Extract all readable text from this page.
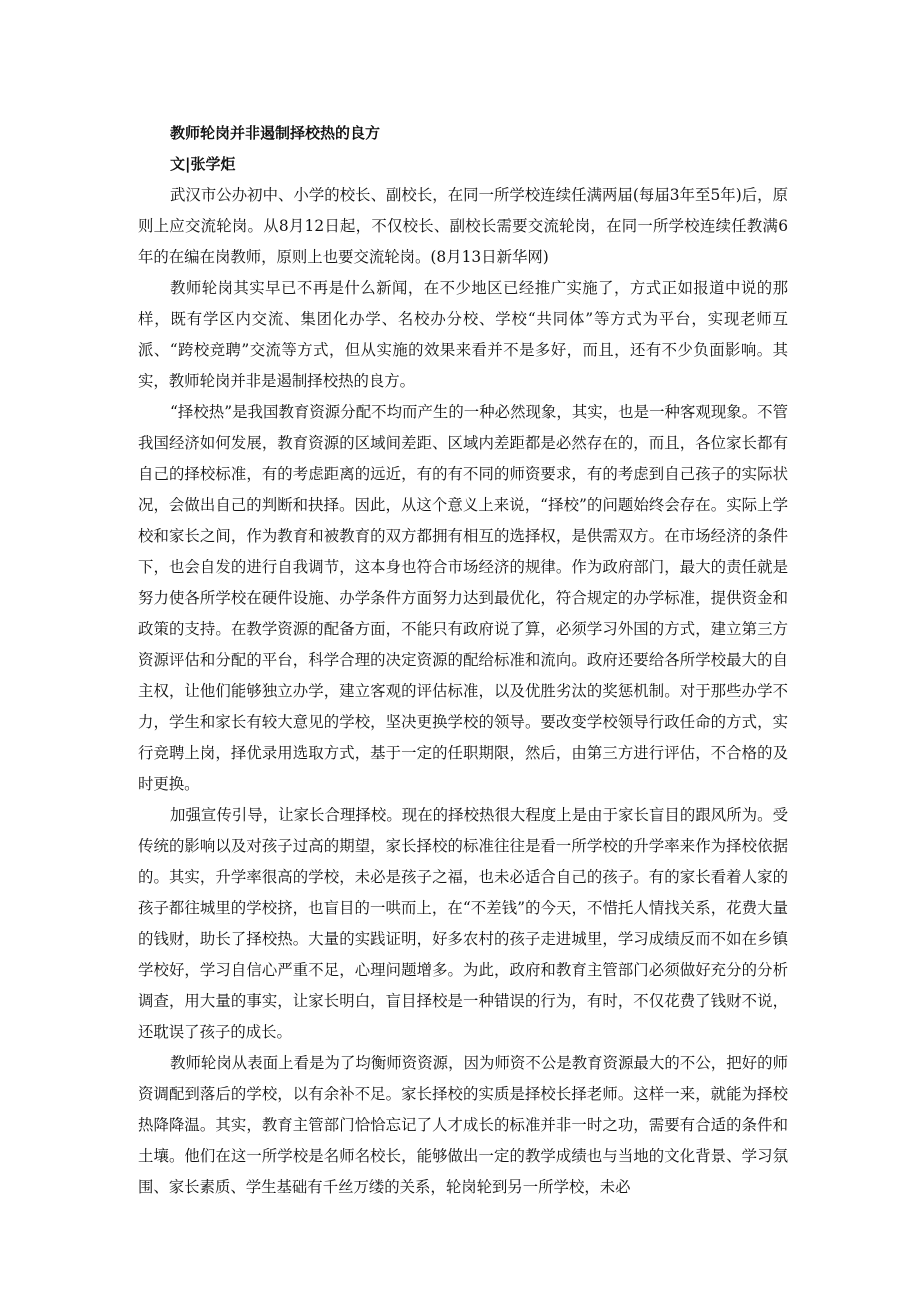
教师轮岗并非遏制择校热的良方

文|张学炬

武汉市公办初中、小学的校长、副校长，在同一所学校连续任满两届(每届3年至5年)后，原则上应交流轮岗。从8月12日起，不仅校长、副校长需要交流轮岗，在同一所学校连续任教满6年的在编在岗教师，原则上也要交流轮岗。(8月13日新华网)

教师轮岗其实早已不再是什么新闻，在不少地区已经推广实施了，方式正如报道中说的那样，既有学区内交流、集团化办学、名校办分校、学校“共同体”等方式为平台，实现老师互派、“跨校竞聘”交流等方式，但从实施的效果来看并不是多好，而且，还有不少负面影响。其实，教师轮岗并非是遏制择校热的良方。

“择校热”是我国教育资源分配不均而产生的一种必然现象，其实，也是一种客观现象。不管我国经济如何发展，教育资源的区域间差距、区域内差距都是必然存在的，而且，各位家长都有自己的择校标准，有的考虑距离的远近，有的有不同的师资要求，有的考虑到自己孩子的实际状况，会做出自己的判断和抉择。因此，从这个意义上来说，“择校”的问题始终会存在。实际上学校和家长之间，作为教育和被教育的双方都拥有相互的选择权，是供需双方。在市场经济的条件下，也会自发的进行自我调节，这本身也符合市场经济的规律。作为政府部门，最大的责任就是努力使各所学校在硬件设施、办学条件方面努力达到最优化，符合规定的办学标准，提供资金和政策的支持。在教学资源的配备方面，不能只有政府说了算，必须学习外国的方式，建立第三方资源评估和分配的平台，科学合理的决定资源的配给标准和流向。政府还要给各所学校最大的自主权，让他们能够独立办学，建立客观的评估标准，以及优胜劣汰的奖惩机制。对于那些办学不力，学生和家长有较大意见的学校，坚决更换学校的领导。要改变学校领导行政任命的方式，实行竞聘上岗，择优录用选取方式，基于一定的任职期限，然后，由第三方进行评估，不合格的及时更换。

加强宣传引导，让家长合理择校。现在的择校热很大程度上是由于家长盲目的跟风所为。受传统的影响以及对孩子过高的期望，家长择校的标准往往是看一所学校的升学率来作为择校依据的。其实，升学率很高的学校，未必是孩子之福，也未必适合自己的孩子。有的家长看着人家的孩子都往城里的学校挤，也盲目的一哄而上，在“不差钱”的今天，不惜托人情找关系，花费大量的钱财，助长了择校热。大量的实践证明，好多农村的孩子走进城里，学习成绩反而不如在乡镇学校好，学习自信心严重不足，心理问题增多。为此，政府和教育主管部门必须做好充分的分析调查，用大量的事实，让家长明白，盲目择校是一种错误的行为，有时，不仅花费了钱财不说，还耽误了孩子的成长。

教师轮岗从表面上看是为了均衡师资资源，因为师资不公是教育资源最大的不公，把好的师资调配到落后的学校，以有余补不足。家长择校的实质是择校长择老师。这样一来，就能为择校热降降温。其实，教育主管部门恰恰忘记了人才成长的标准并非一时之功，需要有合适的条件和土壤。他们在这一所学校是名师名校长，能够做出一定的教学成绩也与当地的文化背景、学习氛围、家长素质、学生基础有千丝万缕的关系，轮岗轮到另一所学校，未必
